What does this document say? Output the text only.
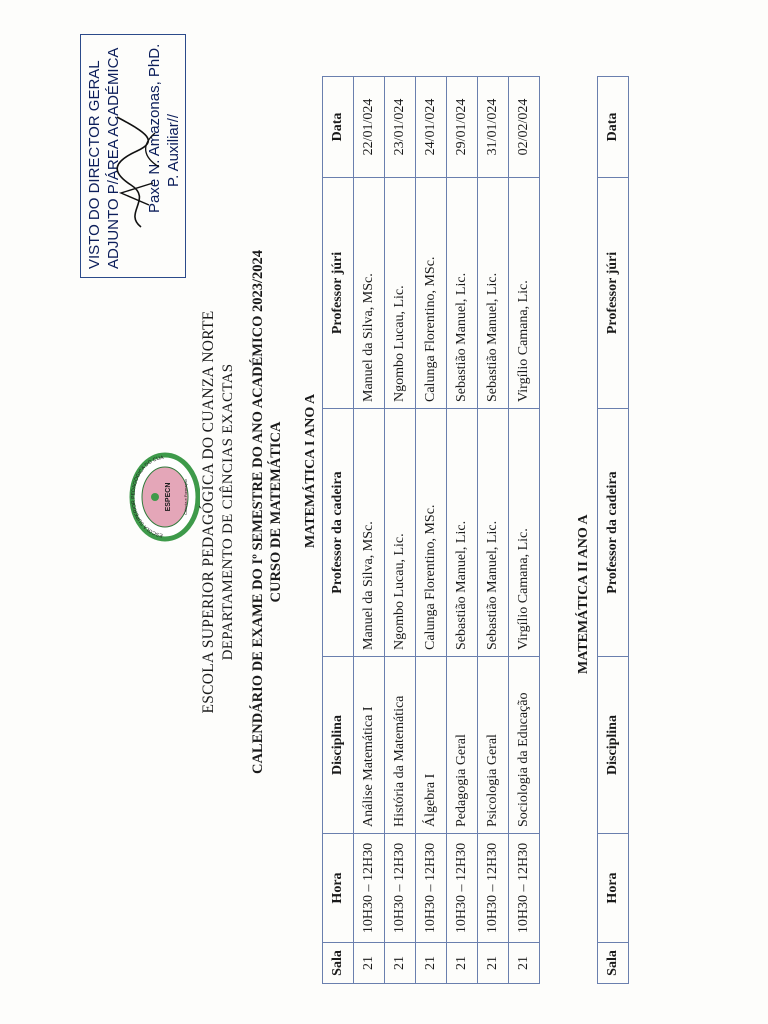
VISTO DO DIRECTOR GERAL ADJUNTO P/ÁREA ACADÉMICA Paxe N. Amazonas, PhD. P. Auxiliar//
ESCOLA SUPERIOR PEDAGÓGICA DO CUA
ESPECN	Ciência e Formação ESCOLA SUPERIOR PEDAGÓGICA DO CUANZA NORTE DEPARTAMENTO DE CIÊNCIAS EXACTAS CALENDÁRIO DE EXAME DO Iº SEMESTRE DO ANO ACADÉMICO 2023/2024 CURSO DE MATEMÁTICA MATEMÁTICA I ANO A
Sala	Hora	Disciplina	Professor da cadeira	Professor júri	Data
21	10H30 – 12H30	Análise Matemática I	Manuel da Silva, MSc.	Manuel da Silva, MSc.	22/01/024
21	10H30 – 12H30	História da Matemática	Ngombo Lucau, Lic.	Ngombo Lucau, Lic.	23/01/024
21	10H30 – 12H30	Álgebra I	Calunga Florentino, MSc.	Calunga Florentino, MSc.	24/01/024
21	10H30 – 12H30	Pedagogia Geral	Sebastião Manuel, Lic.	Sebastião Manuel, Lic.	29/01/024
21	10H30 – 12H30	Psicologia Geral	Sebastião Manuel, Lic.	Sebastião Manuel, Lic.	31/01/024
21	10H30 – 12H30	Sociologia da Educação	Virgílio Camana, Lic.	Virgílio Camana, Lic.	02/02/024
MATEMÁTICA II ANO A
Sala	Hora	Disciplina	Professor da cadeira	Professor júri	Data
